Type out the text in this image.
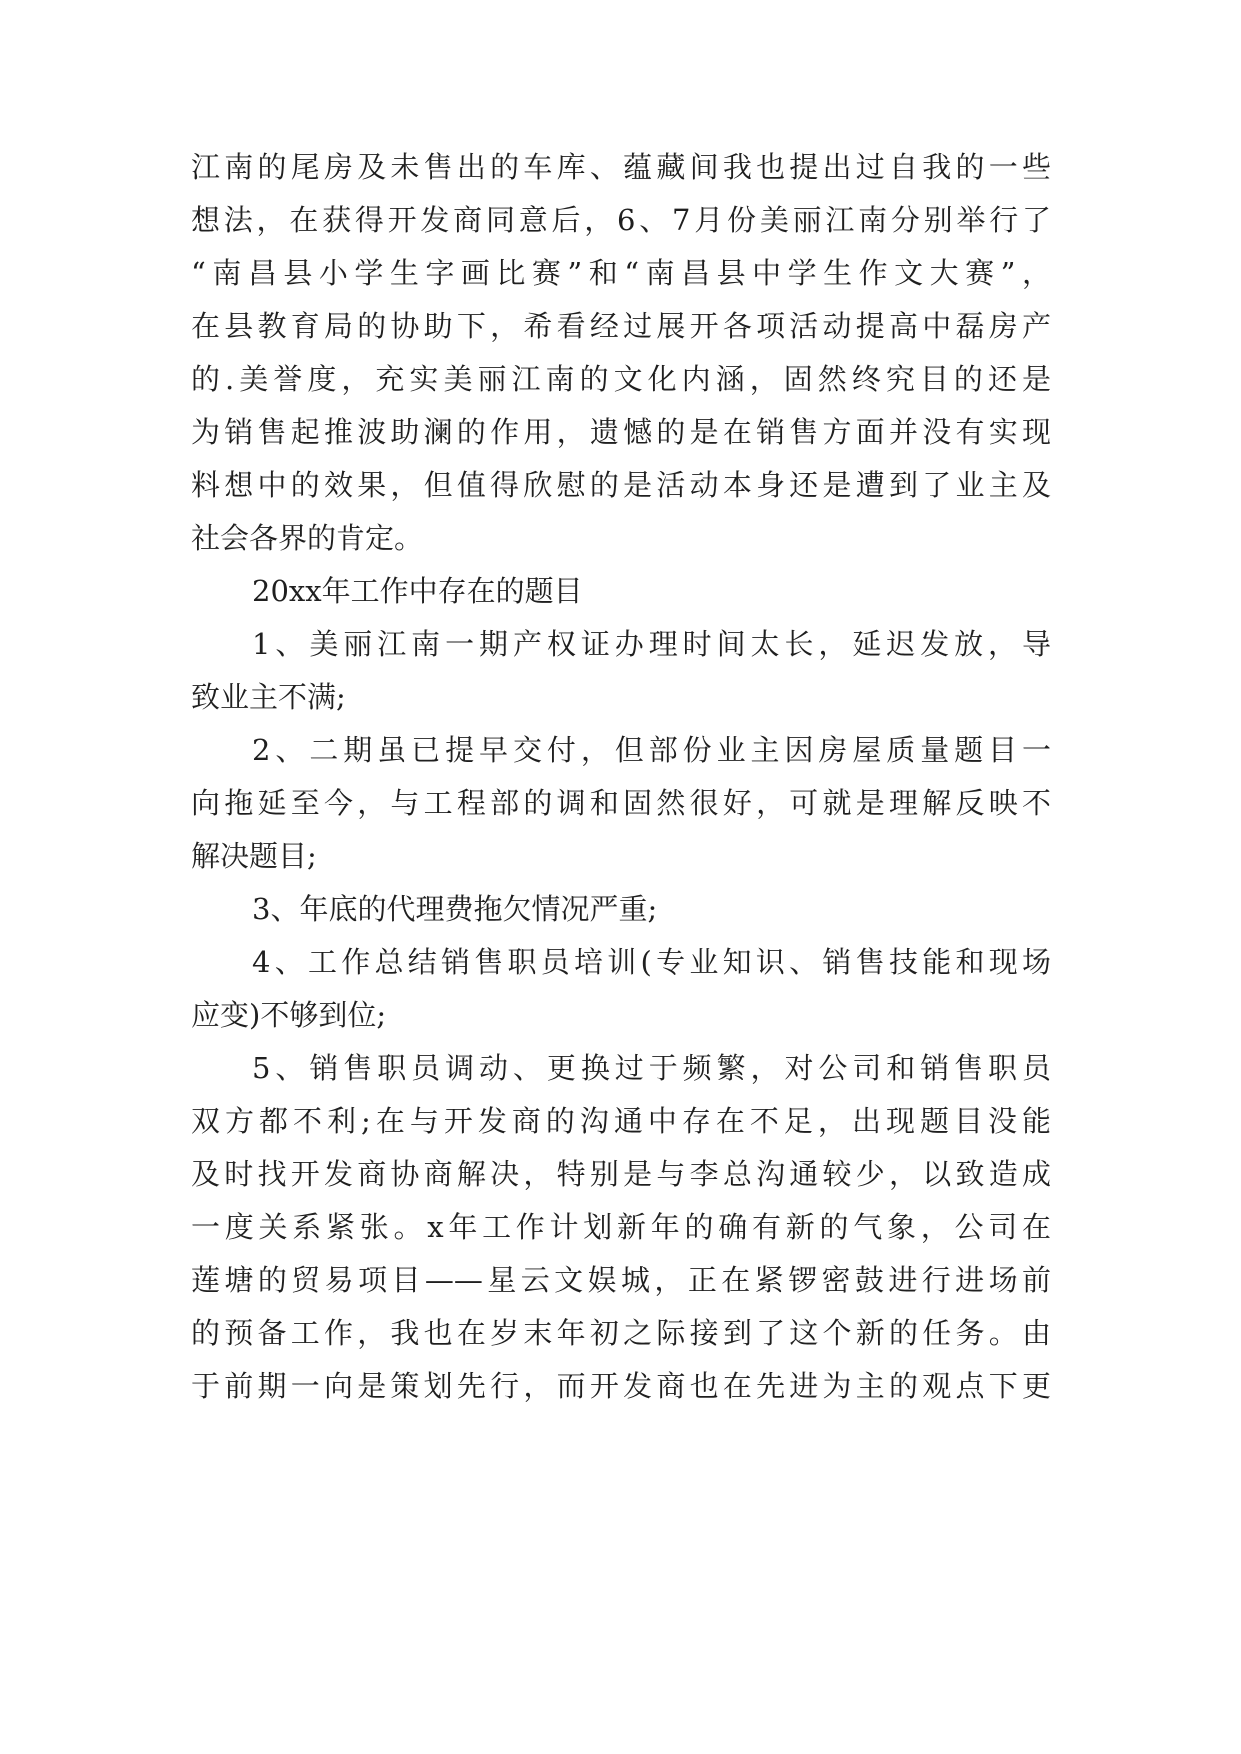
江南的尾房及未售出的车库、蕴藏间我也提出过自我的一些
想法，在获得开发商同意后，6、7月份美丽江南分别举行了
“南昌县小学生字画比赛”和“南昌县中学生作文大赛”，
在县教育局的协助下，希看经过展开各项活动提高中磊房产
的.美誉度，充实美丽江南的文化内涵，固然终究目的还是
为销售起推波助澜的作用，遗憾的是在销售方面并没有实现
料想中的效果，但值得欣慰的是活动本身还是遭到了业主及
社会各界的肯定。
20xx年工作中存在的题目
1、美丽江南一期产权证办理时间太长，延迟发放，导
致业主不满;
2、二期虽已提早交付，但部份业主因房屋质量题目一
向拖延至今，与工程部的调和固然很好，可就是理解反映不
解决题目;
3、年底的代理费拖欠情况严重;
4、工作总结销售职员培训(专业知识、销售技能和现场
应变)不够到位;
5、销售职员调动、更换过于频繁，对公司和销售职员
双方都不利;在与开发商的沟通中存在不足，出现题目没能
及时找开发商协商解决，特别是与李总沟通较少，以致造成
一度关系紧张。x年工作计划新年的确有新的气象，公司在
莲塘的贸易项目——星云文娱城，正在紧锣密鼓进行进场前
的预备工作，我也在岁末年初之际接到了这个新的任务。由
于前期一向是策划先行，而开发商也在先进为主的观点下更
